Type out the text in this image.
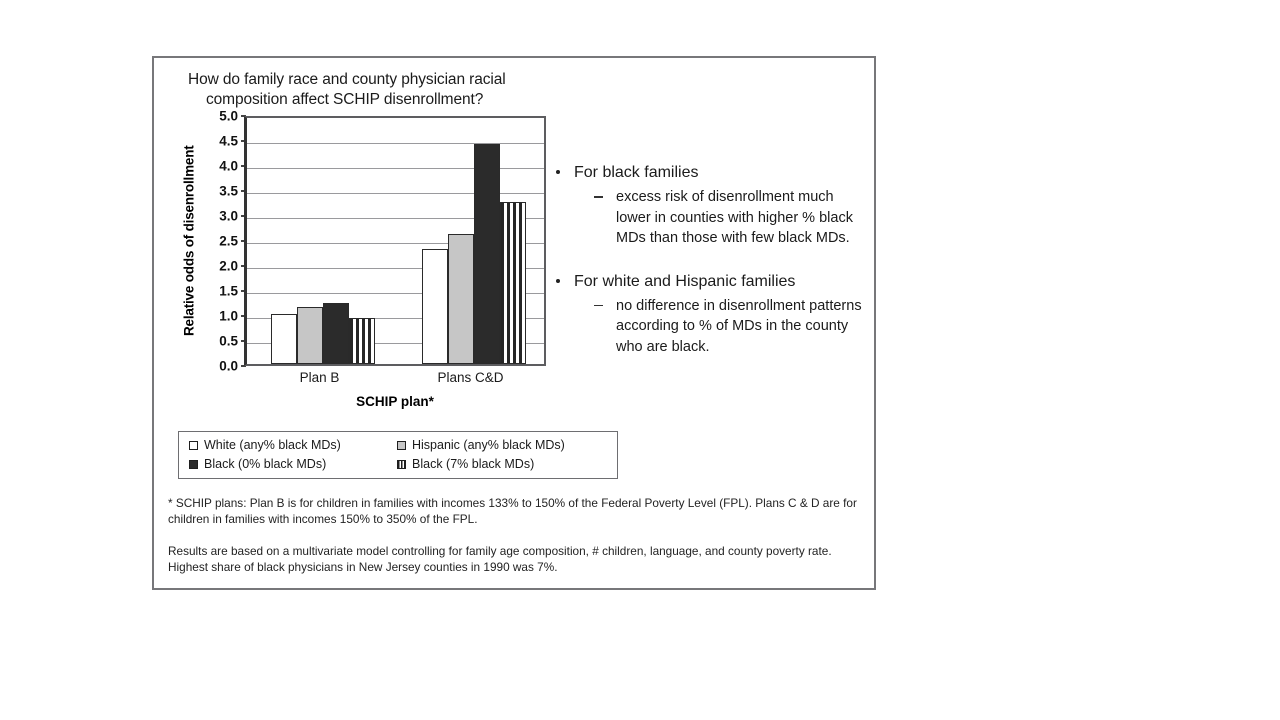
How do family race and county physician racial
composition affect SCHIP disenrollment?
Relative odds of disenrollment
5.0
4.5
4.0
3.5
3.0
2.5
2.0
1.5
1.0
0.5
0.0
Plan B	Plans C&D
SCHIP plan*
For black families
excess risk of disenrollment much lower in counties with higher % black MDs than those with few black MDs.
For white and Hispanic families
no difference in disenrollment patterns according to % of MDs in the county who are black.
White (any% black MDs)	Hispanic (any% black MDs)
Black (0% black MDs)	Black (7% black MDs)
* SCHIP plans: Plan B is for children in families with incomes 133% to 150% of the Federal Poverty Level (FPL). Plans C & D are for children in families with incomes 150% to 350% of the FPL.
Results are based on a multivariate model controlling for family age composition, # children, language, and county poverty rate. Highest share of black physicians in New Jersey counties in 1990 was 7%.
